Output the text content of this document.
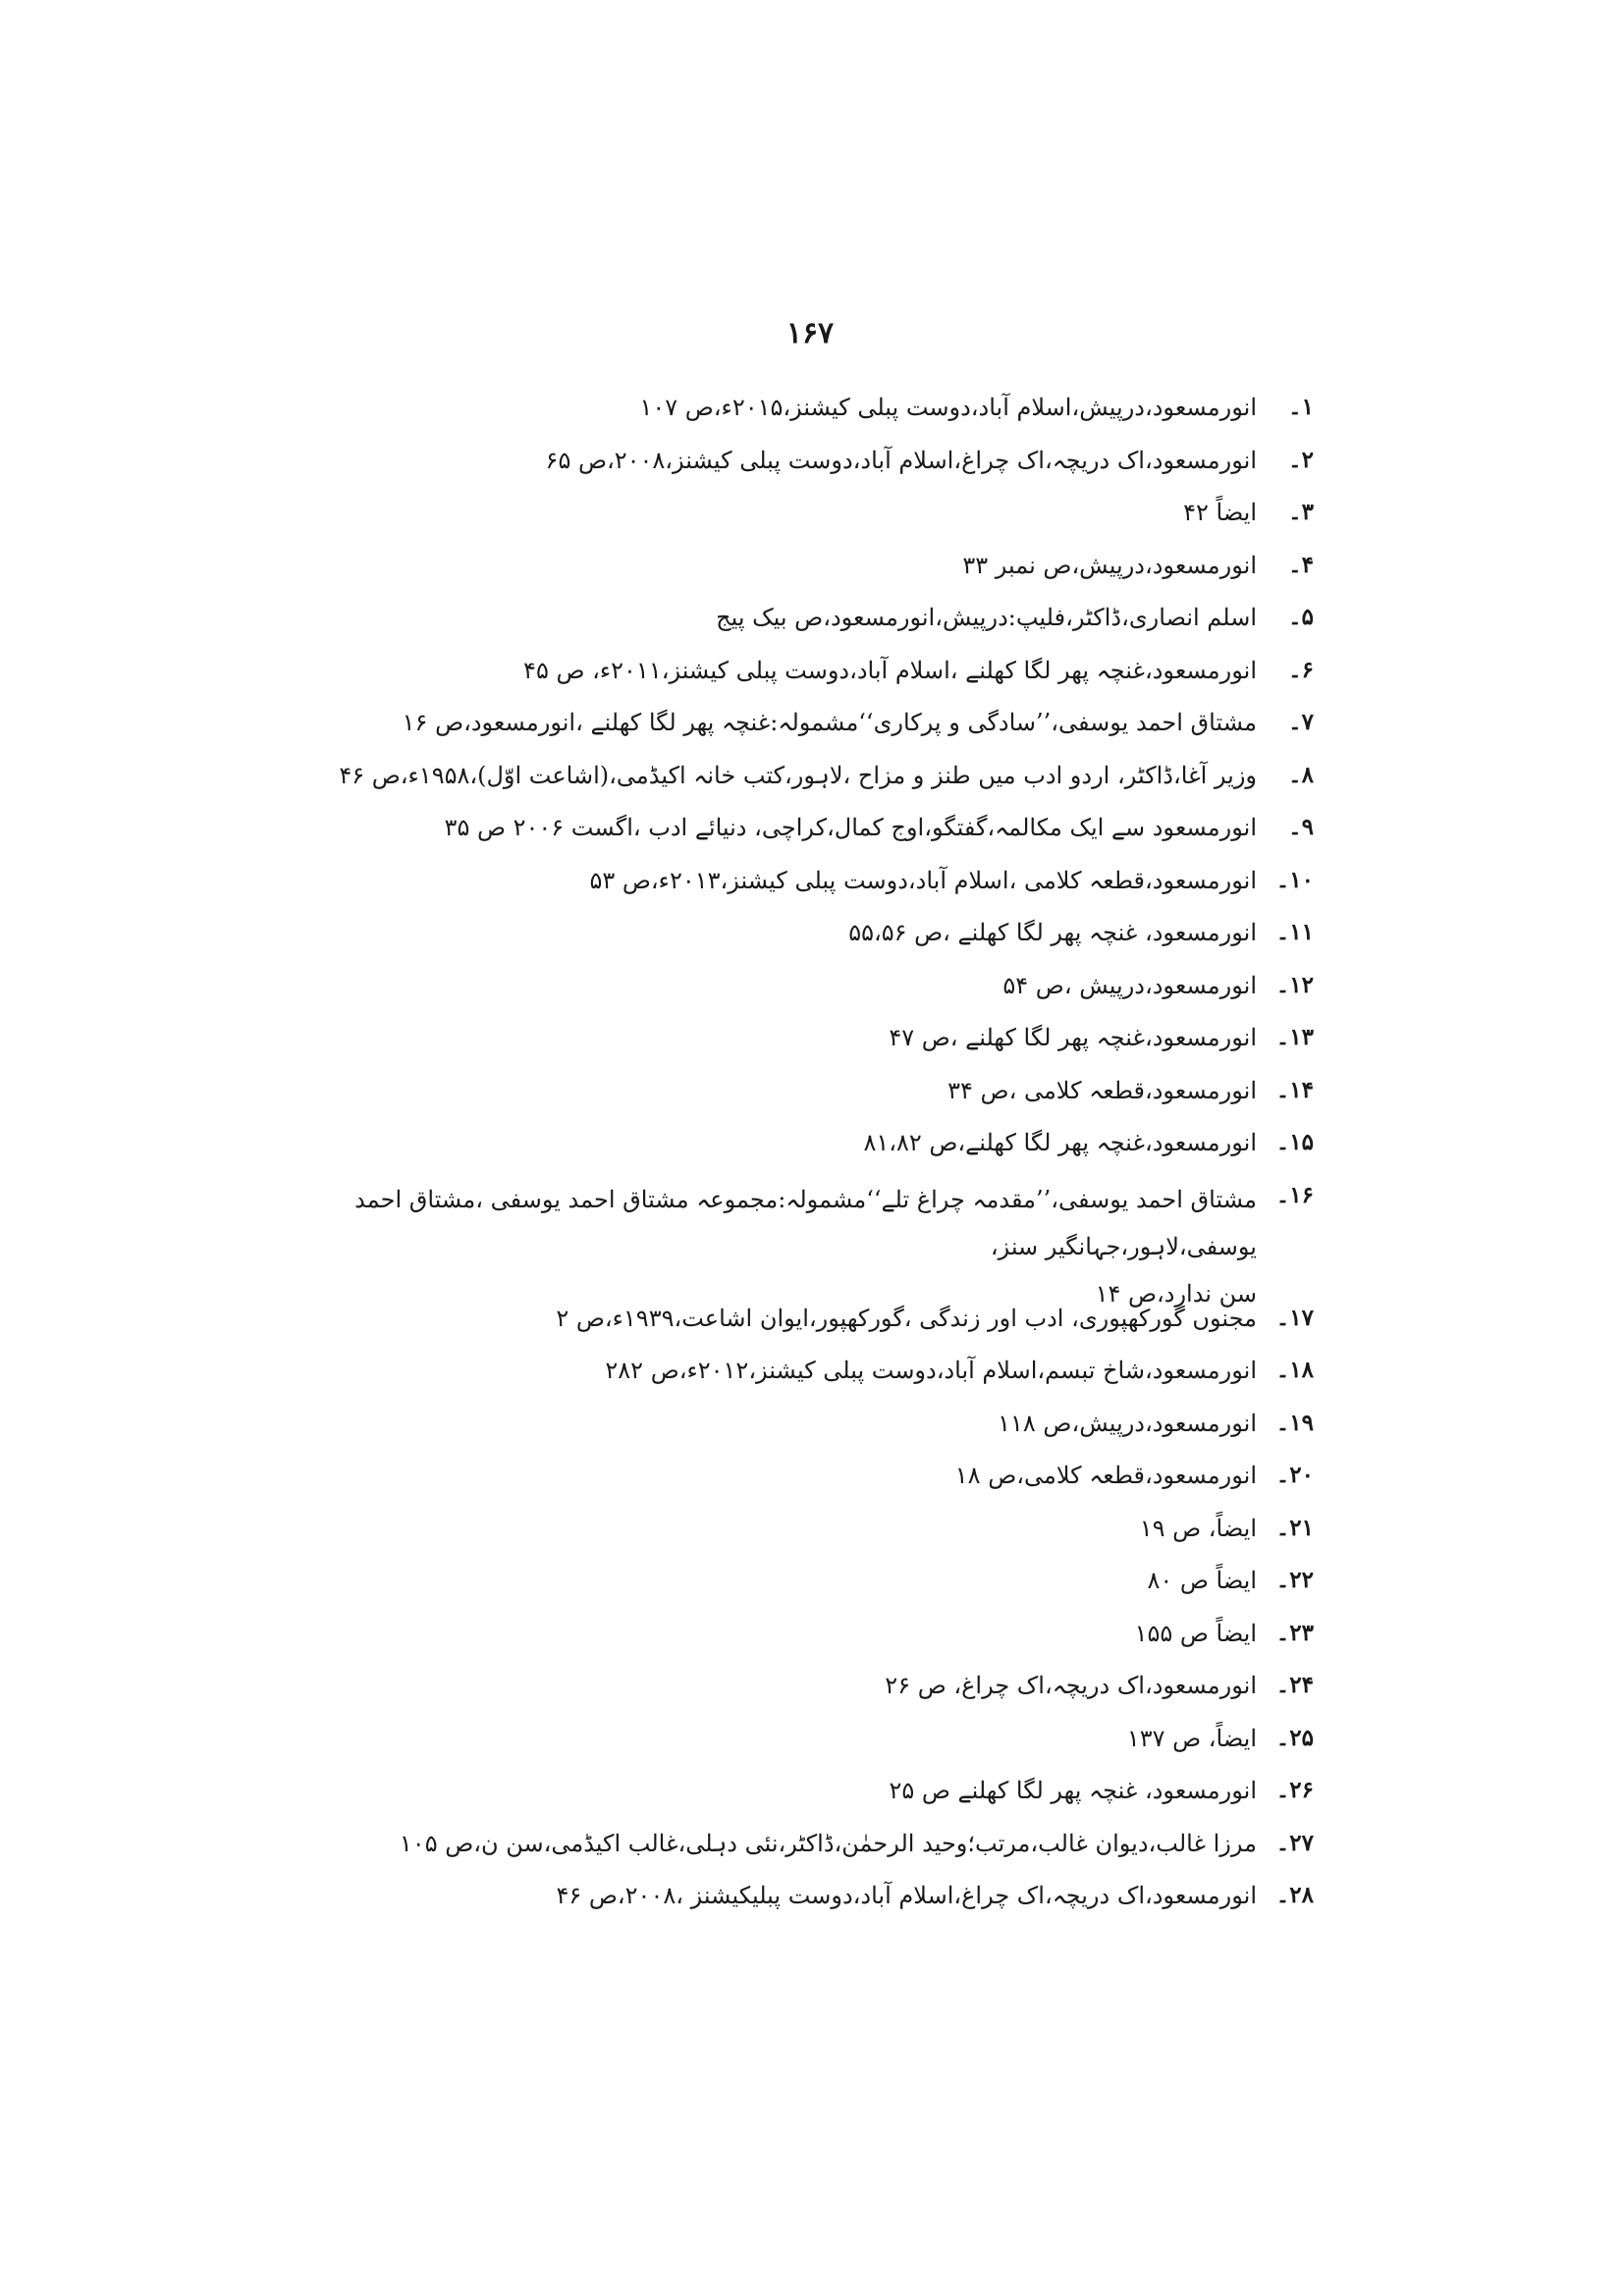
۱۶۷
۱۔
انورمسعود،درپیش،اسلام آباد،دوست پبلی کیشنز،۲۰۱۵ء،ص ۱۰۷
۲۔
انورمسعود،اک دریچہ،اک چراغ،اسلام آباد،دوست پبلی کیشنز،۲۰۰۸،ص ۶۵
۳۔
ایضاً ۴۲
۴۔
انورمسعود،درپیش،ص نمبر ۳۳
۵۔
اسلم انصاری،ڈاکٹر،فلیپ:درپیش،انورمسعود،ص بیک پیج
۶۔
انورمسعود،غنچہ پھر لگا کھلنے ،اسلام آباد،دوست پبلی کیشنز،۲۰۱۱ء، ص ۴۵
۷۔
مشتاق احمد یوسفی،’’سادگی و پرکاری‘‘مشمولہ:غنچہ پھر لگا کھلنے ،انورمسعود،ص ۱۶
۸۔
وزیر آغا،ڈاکٹر، اردو ادب میں طنز و مزاح ،لاہور،کتب خانہ اکیڈمی،(اشاعت اوّل)،۱۹۵۸ء،ص ۴۶
۹۔
انورمسعود سے ایک مکالمہ،گفتگو،اوج کمال،کراچی، دنیائے ادب ،اگست ۲۰۰۶ ص ۳۵
۱۰۔
انورمسعود،قطعہ کلامی ،اسلام آباد،دوست پبلی کیشنز،۲۰۱۳ء،ص ۵۳
۱۱۔
انورمسعود، غنچہ پھر لگا کھلنے ،ص ۵۵،۵۶
۱۲۔
انورمسعود،درپیش ،ص ۵۴
۱۳۔
انورمسعود،غنچہ پھر لگا کھلنے ،ص ۴۷
۱۴۔
انورمسعود،قطعہ کلامی ،ص ۳۴
۱۵۔
انورمسعود،غنچہ پھر لگا کھلنے،ص ۸۱،۸۲
۱۶۔
مشتاق احمد یوسفی،’’مقدمہ چراغ تلے‘‘مشمولہ:مجموعہ مشتاق احمد یوسفی ،مشتاق احمد یوسفی،لاہور،جہانگیر سنز،
سن ندارد،ص ۱۴
۱۷۔
مجنوں گورکھپوری، ادب اور زندگی ،گورکھپور،ایوان اشاعت،۱۹۳۹ء،ص ۲
۱۸۔
انورمسعود،شاخ تبسم،اسلام آباد،دوست پبلی کیشنز،۲۰۱۲ء،ص ۲۸۲
۱۹۔
انورمسعود،درپیش،ص ۱۱۸
۲۰۔
انورمسعود،قطعہ کلامی،ص ۱۸
۲۱۔
ایضاً، ص ۱۹
۲۲۔
ایضاً ص ۸۰
۲۳۔
ایضاً ص ۱۵۵
۲۴۔
انورمسعود،اک دریچہ،اک چراغ، ص ۲۶
۲۵۔
ایضاً، ص ۱۳۷
۲۶۔
انورمسعود، غنچہ پھر لگا کھلنے ص ۲۵
۲۷۔
مرزا غالب،دیوان غالب،مرتب؛وحید الرحمٰن،ڈاکٹر،نئی دہلی،غالب اکیڈمی،سن ن،ص ۱۰۵
۲۸۔
انورمسعود،اک دریچہ،اک چراغ،اسلام آباد،دوست پبلیکیشنز ،۲۰۰۸،ص ۴۶
